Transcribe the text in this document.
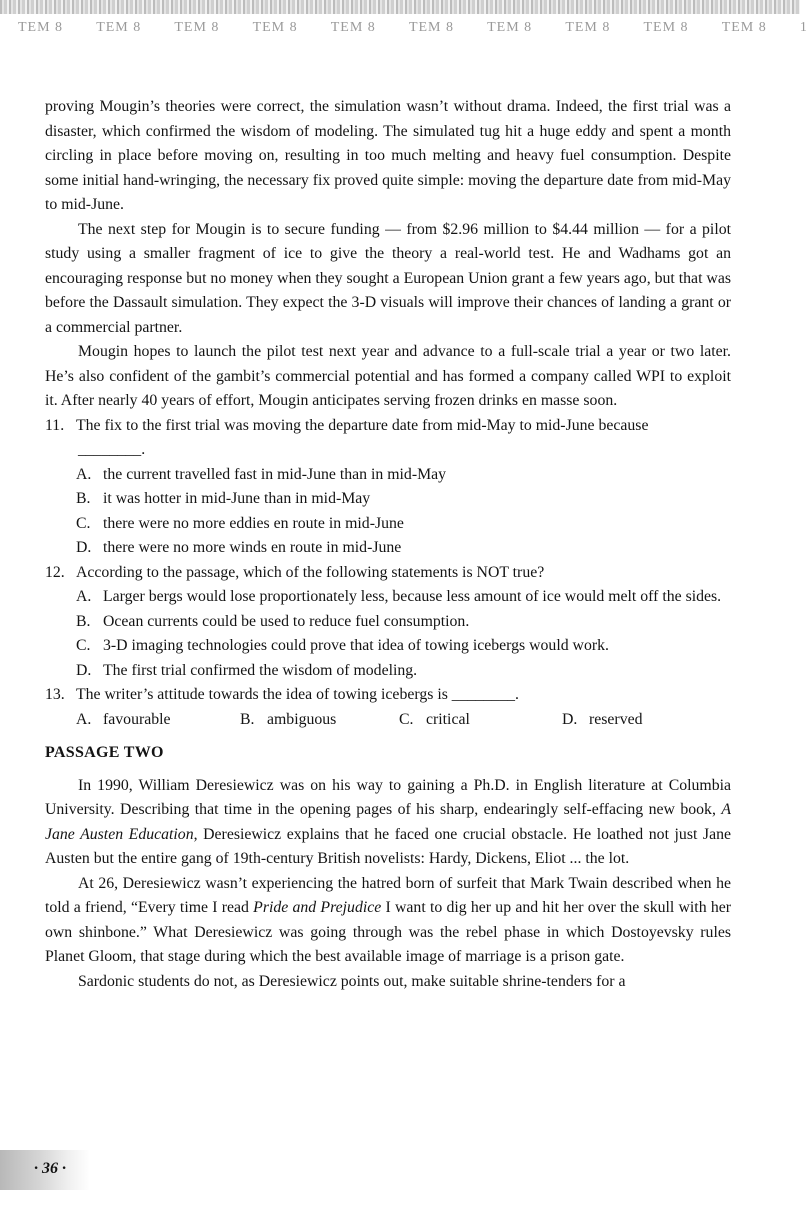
TEM 8 TEM 8 TEM 8 TEM 8 TEM 8 TEM 8 TEM 8 TEM 8 TEM 8 TEM 8 1

proving Mougin’s theories were correct, the simulation wasn’t without drama. Indeed, the first trial was a disaster, which confirmed the wisdom of modeling. The simulated tug hit a huge eddy and spent a month circling in place before moving on, resulting in too much melting and heavy fuel consumption. Despite some initial hand-wringing, the necessary fix proved quite simple: moving the departure date from mid-May to mid-June.

The next step for Mougin is to secure funding — from $2.96 million to $4.44 million — for a pilot study using a smaller fragment of ice to give the theory a real-world test. He and Wadhams got an encouraging response but no money when they sought a European Union grant a few years ago, but that was before the Dassault simulation. They expect the 3-D visuals will improve their chances of landing a grant or a commercial partner.

Mougin hopes to launch the pilot test next year and advance to a full-scale trial a year or two later. He’s also confident of the gambit’s commercial potential and has formed a company called WPI to exploit it. After nearly 40 years of effort, Mougin anticipates serving frozen drinks en masse soon.

11. The fix to the first trial was moving the departure date from mid-May to mid-June because
________.
A. the current travelled fast in mid-June than in mid-May
B. it was hotter in mid-June than in mid-May
C. there were no more eddies en route in mid-June
D. there were no more winds en route in mid-June
12. According to the passage, which of the following statements is NOT true?
A. Larger bergs would lose proportionately less, because less amount of ice would melt off the sides.
B. Ocean currents could be used to reduce fuel consumption.
C. 3-D imaging technologies could prove that idea of towing icebergs would work.
D. The first trial confirmed the wisdom of modeling.
13. The writer’s attitude towards the idea of towing icebergs is ________.
A. favourable	B. ambiguous	C. critical	D. reserved
PASSAGE TWO

In 1990, William Deresiewicz was on his way to gaining a Ph.D. in English literature at Columbia University. Describing that time in the opening pages of his sharp, endearingly self-effacing new book, A Jane Austen Education, Deresiewicz explains that he faced one crucial obstacle. He loathed not just Jane Austen but the entire gang of 19th-century British novelists: Hardy, Dickens, Eliot ... the lot.

At 26, Deresiewicz wasn’t experiencing the hatred born of surfeit that Mark Twain described when he told a friend, “Every time I read Pride and Prejudice I want to dig her up and hit her over the skull with her own shinbone.” What Deresiewicz was going through was the rebel phase in which Dostoyevsky rules Planet Gloom, that stage during which the best available image of marriage is a prison gate.

Sardonic students do not, as Deresiewicz points out, make suitable shrine-tenders for a

· 36 ·
